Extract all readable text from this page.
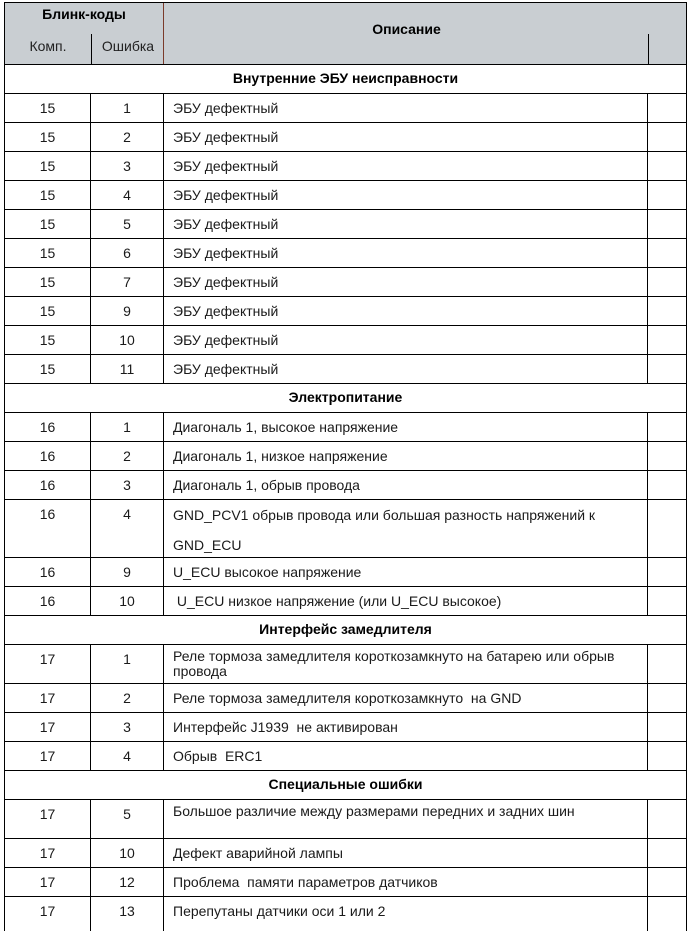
Блинк-коды
Комп.	Ошибка
Описание
Внутренние ЭБУ неисправности
15	1	ЭБУ дефектный
15	2	ЭБУ дефектный
15	3	ЭБУ дефектный
15	4	ЭБУ дефектный
15	5	ЭБУ дефектный
15	6	ЭБУ дефектный
15	7	ЭБУ дефектный
15	9	ЭБУ дефектный
15	10	ЭБУ дефектный
15	11	ЭБУ дефектный
Электропитание
16	1	Диагональ 1, высокое напряжение
16	2	Диагональ 1, низкое напряжение
16	3	Диагональ 1, обрыв провода
16	4	GND_PCV1 обрыв провода или большая разность напряжений к GND_ECU
16	9	U_ECU высокое напряжение
16	10	U_ECU низкое напряжение (или U_ECU высокое)
Интерфейс замедлителя
17	1	Реле тормоза замедлителя короткозамкнуто на батарею или обрыв провода
17	2	Реле тормоза замедлителя короткозамкнуто  на GND
17	3	Интерфейс J1939  не активирован
17	4	Обрыв  ERC1
Специальные ошибки
17	5	Большое различие между размерами передних и задних шин
17	10	Дефект аварийной лампы
17	12	Проблема  памяти параметров датчиков
17	13	Перепутаны датчики оси 1 или 2
